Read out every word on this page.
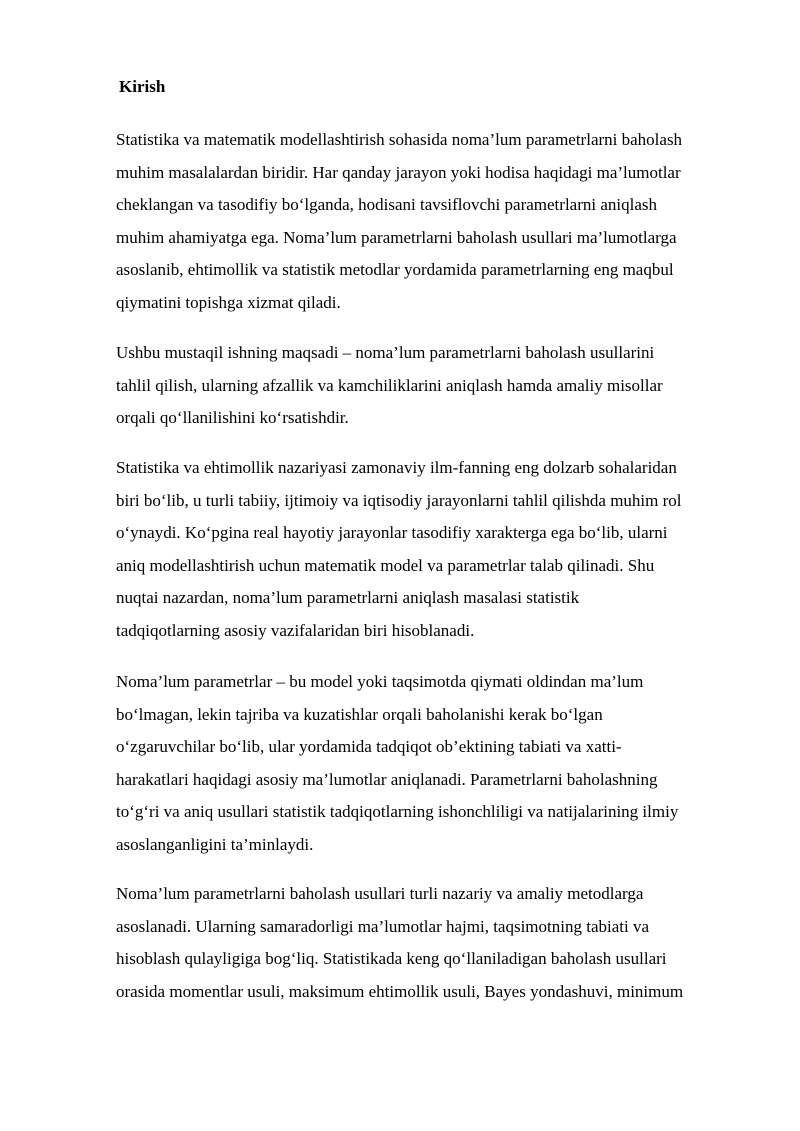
Kirish

Statistika va matematik modellashtirish sohasida noma’lum parametrlarni baholash
muhim masalalardan biridir. Har qanday jarayon yoki hodisa haqidagi ma’lumotlar
cheklangan va tasodifiy bo‘lganda, hodisani tavsiflovchi parametrlarni aniqlash
muhim ahamiyatga ega. Noma’lum parametrlarni baholash usullari ma’lumotlarga
asoslanib, ehtimollik va statistik metodlar yordamida parametrlarning eng maqbul
qiymatini topishga xizmat qiladi.

Ushbu mustaqil ishning maqsadi – noma’lum parametrlarni baholash usullarini
tahlil qilish, ularning afzallik va kamchiliklarini aniqlash hamda amaliy misollar
orqali qo‘llanilishini ko‘rsatishdir.

Statistika va ehtimollik nazariyasi zamonaviy ilm-fanning eng dolzarb sohalaridan
biri bo‘lib, u turli tabiiy, ijtimoiy va iqtisodiy jarayonlarni tahlil qilishda muhim rol
o‘ynaydi. Ko‘pgina real hayotiy jarayonlar tasodifiy xarakterga ega bo‘lib, ularni
aniq modellashtirish uchun matematik model va parametrlar talab qilinadi. Shu
nuqtai nazardan, noma’lum parametrlarni aniqlash masalasi statistik
tadqiqotlarning asosiy vazifalaridan biri hisoblanadi.

Noma’lum parametrlar – bu model yoki taqsimotda qiymati oldindan ma’lum
bo‘lmagan, lekin tajriba va kuzatishlar orqali baholanishi kerak bo‘lgan
o‘zgaruvchilar bo‘lib, ular yordamida tadqiqot ob’ektining tabiati va xatti-
harakatlari haqidagi asosiy ma’lumotlar aniqlanadi. Parametrlarni baholashning
to‘g‘ri va aniq usullari statistik tadqiqotlarning ishonchliligi va natijalarining ilmiy
asoslanganligini ta’minlaydi.

Noma’lum parametrlarni baholash usullari turli nazariy va amaliy metodlarga
asoslanadi. Ularning samaradorligi ma’lumotlar hajmi, taqsimotning tabiati va
hisoblash qulayligiga bog‘liq. Statistikada keng qo‘llaniladigan baholash usullari
orasida momentlar usuli, maksimum ehtimollik usuli, Bayes yondashuvi, minimum
